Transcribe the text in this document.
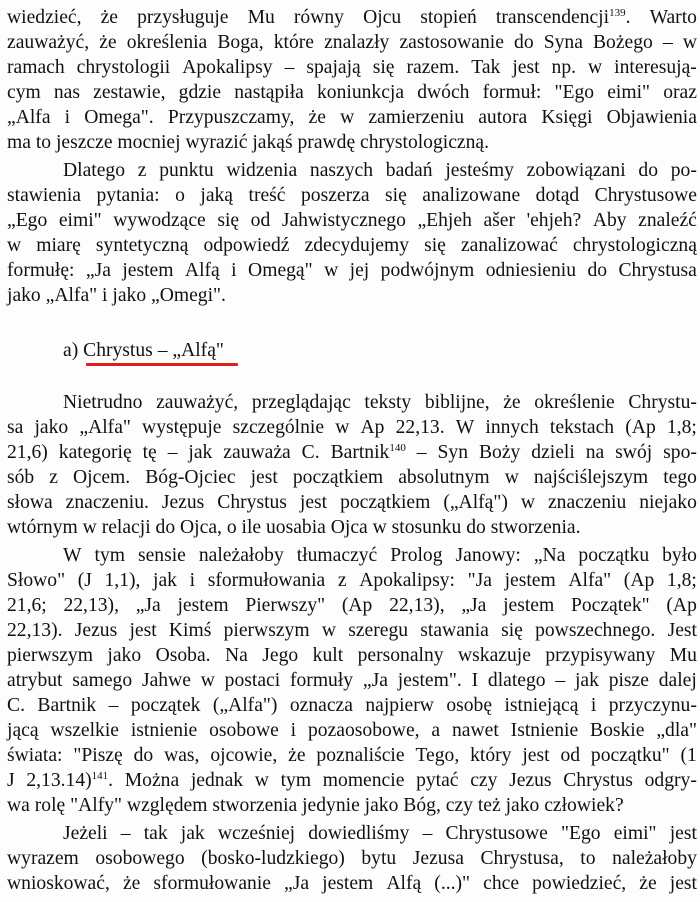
wiedzieć, że przysługuje Mu równy Ojcu stopień transcendencji$^{139}$. Warto
zauważyć, że określenia Boga, które znalazły zastosowanie do Syna Bożego – w
ramach chrystologii Apokalipsy – spajają się razem. Tak jest np. w interesują-
cym nas zestawie, gdzie nastąpiła koniunkcja dwóch formuł: "Ego eimi" oraz
„Alfa i Omega". Przypuszczamy, że w zamierzeniu autora Księgi Objawienia
ma to jeszcze mocniej wyrazić jakąś prawdę chrystologiczną.
Dlatego z punktu widzenia naszych badań jesteśmy zobowiązani do po-
stawienia pytania: o jaką treść poszerza się analizowane dotąd Chrystusowe
„Ego eimi" wywodzące się od Jahwistycznego „Ehjeh ašer 'ehjeh? Aby znaleźć
w miarę syntetyczną odpowiedź zdecydujemy się zanalizować chrystologiczną
formułę: „Ja jestem Alfą i Omegą" w jej podwójnym odniesieniu do Chrystusa
jako „Alfa" i jako „Omegi".
Nietrudno zauważyć, przeglądając teksty biblijne, że określenie Chrystu-
sa jako „Alfa" występuje szczególnie w Ap 22,13. W innych tekstach (Ap 1,8;
21,6) kategorię tę – jak zauważa C. Bartnik$^{140}$ – Syn Boży dzieli na swój spo-
sób z Ojcem. Bóg-Ojciec jest początkiem absolutnym w najściślejszym tego
słowa znaczeniu. Jezus Chrystus jest początkiem („Alfą") w znaczeniu niejako
wtórnym w relacji do Ojca, o ile uosabia Ojca w stosunku do stworzenia.
W tym sensie należałoby tłumaczyć Prolog Janowy: „Na początku było
Słowo" (J 1,1), jak i sformułowania z Apokalipsy: "Ja jestem Alfa" (Ap 1,8;
21,6; 22,13), „Ja jestem Pierwszy" (Ap 22,13), „Ja jestem Początek" (Ap
22,13). Jezus jest Kimś pierwszym w szeregu stawania się powszechnego. Jest
pierwszym jako Osoba. Na Jego kult personalny wskazuje przypisywany Mu
atrybut samego Jahwe w postaci formuły „Ja jestem". I dlatego – jak pisze dalej
C. Bartnik – początek („Alfa") oznacza najpierw osobę istniejącą i przyczynu-
jącą wszelkie istnienie osobowe i pozaosobowe, a nawet Istnienie Boskie „dla"
świata: "Piszę do was, ojcowie, że poznaliście Tego, który jest od początku" (1
J 2,13.14)$^{141}$. Można jednak w tym momencie pytać czy Jezus Chrystus odgry-
wa rolę "Alfy" względem stworzenia jedynie jako Bóg, czy też jako człowiek?
Jeżeli – tak jak wcześniej dowiedliśmy – Chrystusowe "Ego eimi" jest
wyrazem osobowego (bosko-ludzkiego) bytu Jezusa Chrystusa, to należałoby
wnioskować, że sformułowanie „Ja jestem Alfą (...)" chce powiedzieć, że jest
a) Chrystus – „Alfą"
